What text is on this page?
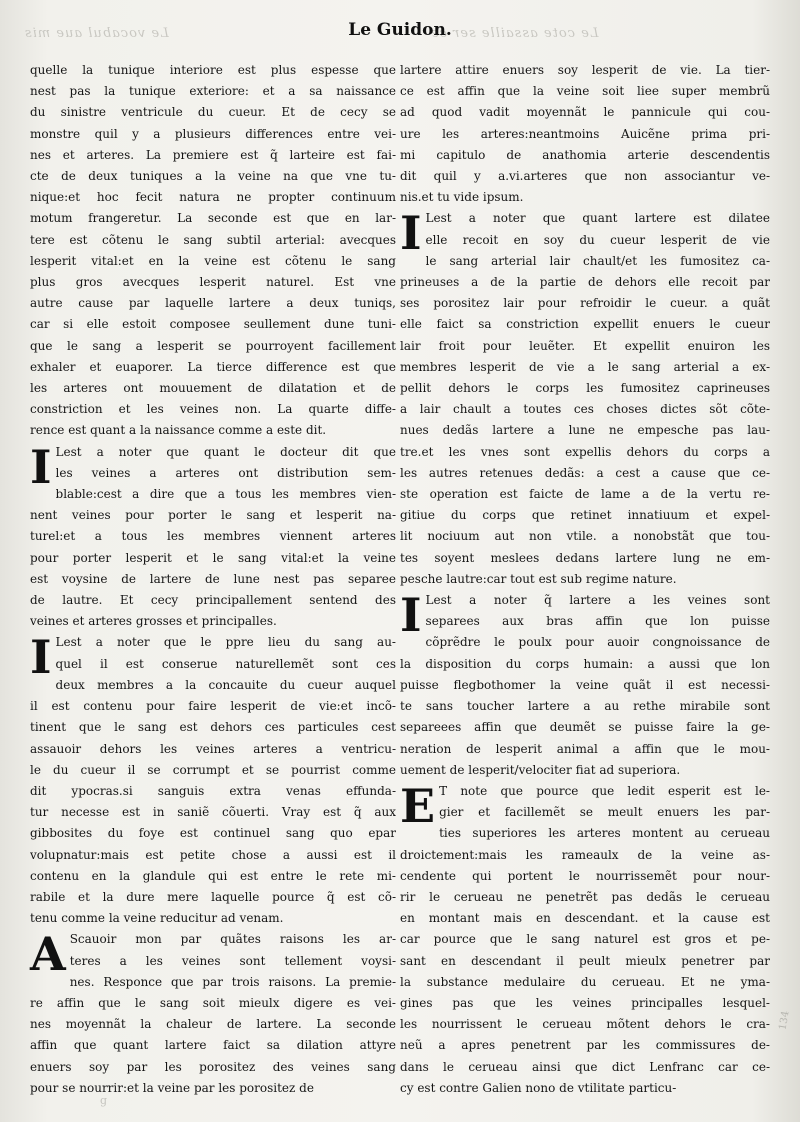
Le vocabul aue mis	Le cote assaille ser ce
Le Guidon.
quelle la tunique interiore est plus espesse que
nest pas la tunique exteriore: et a sa naissance
du sinistre ventricule du cueur. Et de cecy se
monstre quil y a plusieurs differences entre vei-
nes et arteres. La premiere est q̃ larteire est fai-
cte de deux tuniques a la veine na que vne tu-
nique:et hoc fecit natura ne propter continuum
motum frangeretur. La seconde est que en lar-
tere est cõtenu le sang subtil arterial: avecques
lesperit vital:et en la veine est cõtenu le sang
plus gros avecques lesperit naturel. Est vne
autre cause par laquelle lartere a deux tuniqs,
car si elle estoit composee seullement dune tuni-
que le sang a lesperit se pourroyent facillement
exhaler et euaporer. La tierce difference est que
les arteres ont mouuement de dilatation et de
constriction et les veines non. La quarte diffe-
rence est quant a la naissance comme a este dit.
I Lest a noter que quant le docteur dit que
les veines a arteres ont distribution sem-
blable:cest a dire que a tous les membres vien-
nent veines pour porter le sang et lesperit na-
turel:et a tous les membres viennent arteres
pour porter lesperit et le sang vital:et la veine
est voysine de lartere de lune nest pas separee
de lautre. Et cecy principallement sentend des
veines et arteres grosses et principalles.
I Lest a noter que le ppre lieu du sang au-
quel il est conserue naturellemẽt sont ces
deux membres a la concauite du cueur auquel
il est contenu pour faire lesperit de vie:et incõ-
tinent que le sang est dehors ces particules cest
assauoir dehors les veines arteres a ventricu-
le du cueur il se corrumpt et se pourrist comme
dit ypocras.si sanguis extra venas effunda-
tur necesse est in saniẽ cõuerti. Vray est q̃ aux
gibbosites du foye est continuel sang quo epar
volupnatur:mais est petite chose a aussi est il
contenu en la glandule qui est entre le rete mi-
rabile et la dure mere laquelle pource q̃ est cõ-
tenu comme la veine reducitur ad venam.
A Scauoir mon par quãtes raisons les ar-
teres a les veines sont tellement voysi-
nes. Responce que par trois raisons. La premie-
re affin que le sang soit mieulx digere es vei-
nes moyennãt la chaleur de lartere. La seconde
affin que quant lartere faict sa dilation attyre
enuers soy par les porositez des veines sang
pour se nourrir:et la veine par les porositez de
lartere attire enuers soy lesperit de vie. La tier-
ce est affin que la veine soit liee super membrũ
ad quod vadit moyennãt le pannicule qui cou-
ure les arteres:neantmoins Auicẽne prima pri-
mi capitulo de anathomia arterie descendentis
dit quil y a.vi.arteres que non associantur ve-
nis.et tu vide ipsum.
I Lest a noter que quant lartere est dilatee
elle recoit en soy du cueur lesperit de vie
le sang arterial lair chault/et les fumositez ca-
prineuses a de la partie de dehors elle recoit par
ses porositez lair pour refroidir le cueur. a quãt
elle faict sa constriction expellit enuers le cueur
lair froit pour leuẽter. Et expellit enuiron les
membres lesperit de vie a le sang arterial a ex-
pellit dehors le corps les fumositez caprineuses
a lair chault a toutes ces choses dictes sõt cõte-
nues dedãs lartere a lune ne empesche pas lau-
tre.et les vnes sont expellis dehors du corps a
les autres retenues dedãs: a cest a cause que ce-
ste operation est faicte de lame a de la vertu re-
gitiue du corps que retinet innatiuum et expel-
lit nociuum aut non vtile. a nonobstãt que tou-
tes soyent meslees dedans lartere lung ne em-
pesche lautre:car tout est sub regime nature.
I Lest a noter q̃ lartere a les veines sont
separees aux bras affin que lon puisse
cõprẽdre le poulx pour auoir congnoissance de
la disposition du corps humain: a aussi que lon
puisse flegbothomer la veine quãt il est necessi-
te sans toucher lartere a au rethe mirabile sont
separeees affin que deumẽt se puisse faire la ge-
neration de lesperit animal a affin que le mou-
uement de lesperit/velociter fiat ad superiora.
E T note que pource que ledit esperit est le-
gier et facillemẽt se meult enuers les par-
ties superiores les arteres montent au cerueau
droictement:mais les rameaulx de la veine as-
cendente qui portent le nourrissemẽt pour nour-
rir le cerueau ne penetrẽt pas dedãs le cerueau
en montant mais en descendant. et la cause est
car pource que le sang naturel est gros et pe-
sant en descendant il peult mieulx penetrer par
la substance medulaire du cerueau. Et ne yma-
gines pas que les veines principalles lesquel-
les nourrissent le cerueau mõtent dehors le cra-
neũ a apres penetrent par les commissures de-
dans le cerueau ainsi que dict Lenfranc car ce-
cy est contre Galien nono de vtilitate particu-
134
g
